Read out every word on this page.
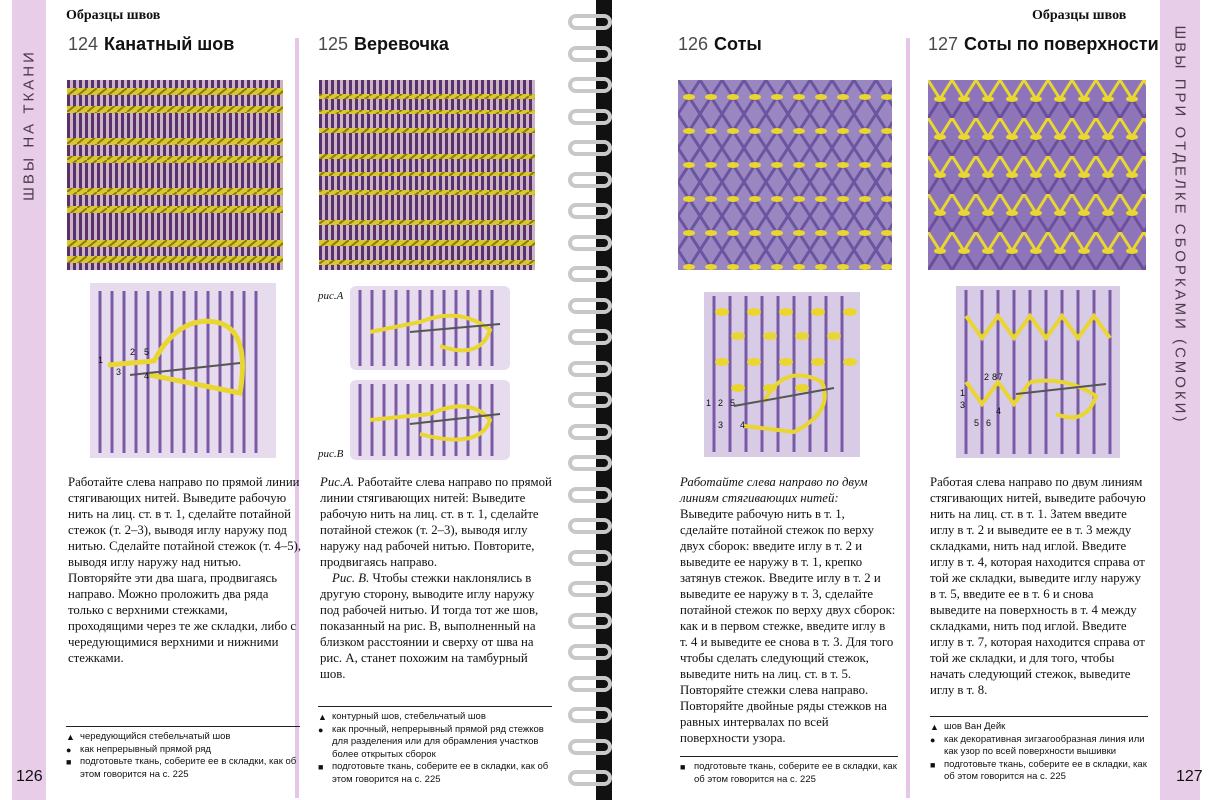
ШВЫ НА ТКАНИ
Образцы швов
124 Канатный шов
1
2
3	4
5

Работайте слева направо по прямой линии стягивающих нитей. Выведите рабочую нить на лиц. ст. в т. 1, сделайте потайной стежок (т. 2–3), выводя иглу наружу под нитью. Сделайте потайной стежок (т. 4–5), выводя иглу наружу над нитью. Повторяйте эти два шага, продвигаясь направо. Можно проложить два ряда только с верхними стежками, проходящими через те же складки, либо с чередующимися верхними и нижними стежками.

▲ чередующийся стебельчатый шов
● как непрерывный прямой ряд
■ подготовьте ткань, соберите ее в складки, как об этом говорится на с. 225
125 Веревочка
рис.А
рис.В

Рис.А. Работайте слева направо по прямой линии стягивающих нитей: Выведите рабочую нить на лиц. ст. в т. 1, сделайте потайной стежок (т. 2–3), выводя иглу наружу над рабочей нитью. Повторите, продвигаясь направо.

Рис. В. Чтобы стежки наклонялись в другую сторону, выводите иглу наружу под рабочей нитью. И тогда тот же шов, показанный на рис. В, выполненный на близком расстоянии и сверху от шва на рис. А, станет похожим на тамбурный шов.

▲ контурный шов, стебельчатый шов
● как прочный, непрерывный прямой ряд стежков для разделения или для обрамления участков более открытых сборок
■ подготовьте ткань, соберите ее в складки, как об этом говорится на с. 225
126
ШВЫ ПРИ ОТДЕЛКЕ СБОРКАМИ (СМОКИ)
Образцы швов
126 Соты
1 2 5
3 4

Работайте слева направо по двум линиям стягивающих нитей:

Выведите рабочую нить в т. 1, сделайте потайной стежок по верху двух сборок: введите иглу в т. 2 и выведите ее наружу в т. 1, крепко затянув стежок. Введите иглу в т. 2 и выведите ее наружу в т. 3, сделайте потайной стежок по верху двух сборок: как и в первом стежке, введите иглу в т. 4 и выведите ее снова в т. 3. Для того чтобы сделать следующий стежок, выведите нить на лиц. ст. в т. 5. Повторяйте стежки слева направо. Повторяйте двойные ряды стежков на равных интервалах по всей поверхности узора.

■ подготовьте ткань, соберите ее в складки, как об этом говорится на с. 225
127 Соты по поверхности
1
2
3
4
5 6
7
8

Работая слева направо по двум линиям стягивающих нитей, выведите рабочую нить на лиц. ст. в т. 1. Затем введите иглу в т. 2 и выведите ее в т. 3 между складками, нить над иглой. Введите иглу в т. 4, которая находится справа от той же складки, выведите иглу наружу в т. 5, введите ее в т. 6 и снова выведите на поверхность в т. 4 между складками, нить под иглой. Введите иглу в т. 7, которая находится справа от той же складки, и для того, чтобы начать следующий стежок, выведите иглу в т. 8.

▲ шов Ван Дейк
● как декоративная зигзагообразная линия или как узор по всей поверхности вышивки
■ подготовьте ткань, соберите ее в складки, как об этом говорится на с. 225	127
